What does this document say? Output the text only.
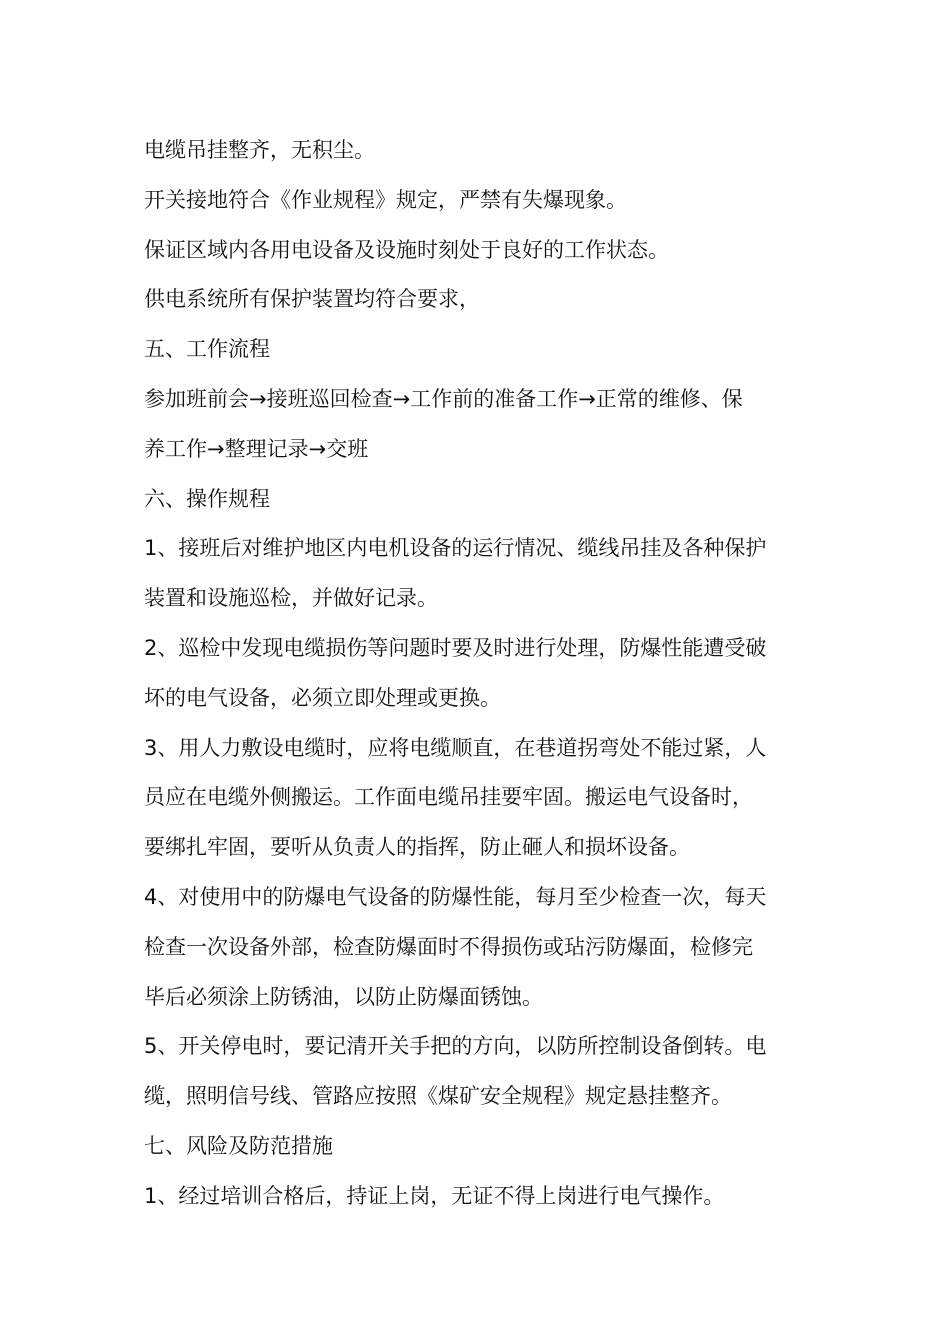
电缆吊挂整齐，无积尘。
开关接地符合《作业规程》规定，严禁有失爆现象。
保证区域内各用电设备及设施时刻处于良好的工作状态。
供电系统所有保护装置均符合要求，
五、工作流程
参加班前会→接班巡回检查→工作前的准备工作→正常的维修、保
养工作→整理记录→交班
六、操作规程
1、接班后对维护地区内电机设备的运行情况、缆线吊挂及各种保护
装置和设施巡检，并做好记录。
2、巡检中发现电缆损伤等问题时要及时进行处理，防爆性能遭受破
坏的电气设备，必须立即处理或更换。
3、用人力敷设电缆时，应将电缆顺直，在巷道拐弯处不能过紧，人
员应在电缆外侧搬运。工作面电缆吊挂要牢固。搬运电气设备时，
要绑扎牢固，要听从负责人的指挥，防止砸人和损坏设备。
4、对使用中的防爆电气设备的防爆性能，每月至少检查一次，每天
检查一次设备外部，检查防爆面时不得损伤或玷污防爆面，检修完
毕后必须涂上防锈油，以防止防爆面锈蚀。
5、开关停电时，要记清开关手把的方向，以防所控制设备倒转。电
缆，照明信号线、管路应按照《煤矿安全规程》规定悬挂整齐。
七、风险及防范措施
1、经过培训合格后，持证上岗，无证不得上岗进行电气操作。
